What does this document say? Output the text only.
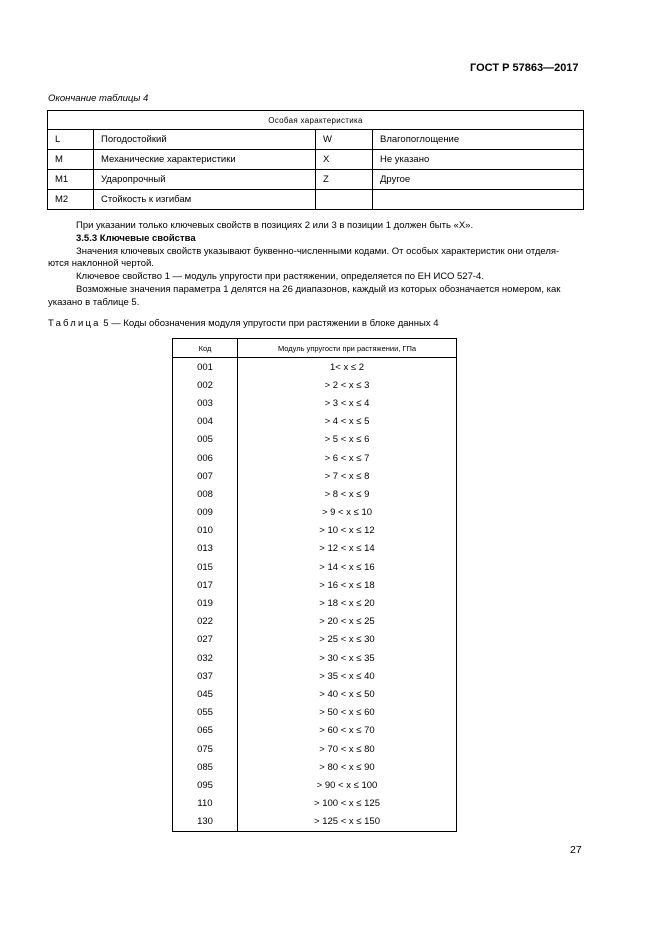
ГОСТ Р 57863—2017
Окончание таблицы 4
Особая характеристика			
L	Погодостойкий	W	Влагопоглощение
М	Механические характеристики	X	Не указано
М1	Ударопрочный	Z	Другое
М2	Стойкость к изгибам		

При указании только ключевых свойств в позициях 2 или 3 в позиции 1 должен быть «X».

3.5.3 Ключевые свойства

Значения ключевых свойств указывают буквенно-численными кодами. От особых характеристик они отделя-

ются наклонной чертой.

Ключевое свойство 1 — модуль упругости при растяжении, определяется по ЕН ИСО 527-4.

Возможные значения параметра 1 делятся на 26 диапазонов, каждый из которых обозначается номером, как

указано в таблице 5.

Таблица 5 — Коды обозначения модуля упругости при растяжении в блоке данных 4
Код	Модуль упругости при растяжении, ГПа
001	1< x ≤ 2
002	> 2 < x ≤ 3
003	> 3 < x ≤ 4
004	> 4 < x ≤ 5
005	> 5 < x ≤ 6
006	> 6 < x ≤ 7
007	> 7 < x ≤ 8
008	> 8 < x ≤ 9
009	> 9 < x ≤ 10
010	> 10 < x ≤ 12
013	> 12 < x ≤ 14
015	> 14 < x ≤ 16
017	> 16 < x ≤ 18
019	> 18 < x ≤ 20
022	> 20 < x ≤ 25
027	> 25 < x ≤ 30
032	> 30 < x ≤ 35
037	> 35 < x ≤ 40
045	> 40 < x ≤ 50
055	> 50 < x ≤ 60
065	> 60 < x ≤ 70
075	> 70 < x ≤ 80
085	> 80 < x ≤ 90
095	> 90 < x ≤ 100
110	> 100 < x ≤ 125
130	> 125 < x ≤ 150
27
